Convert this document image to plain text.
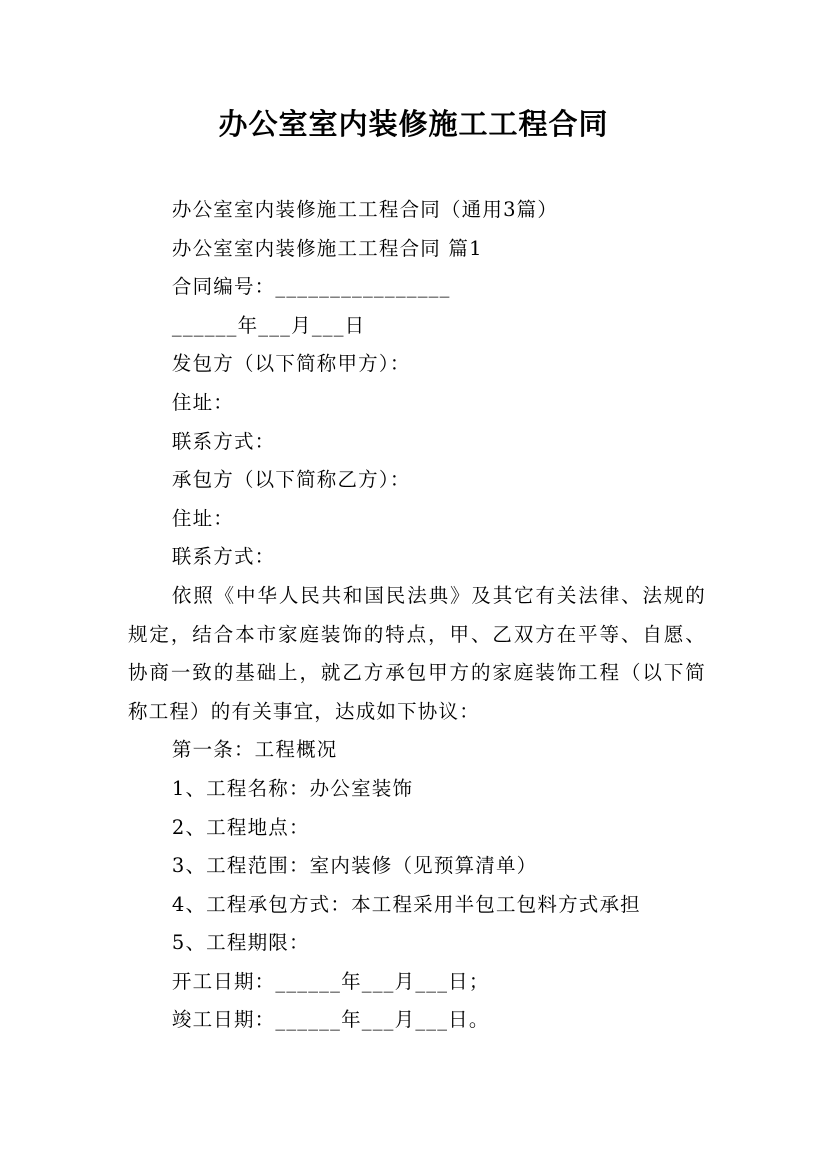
办公室室内装修施工工程合同

办公室室内装修施工工程合同（通用3篇）

办公室室内装修施工工程合同 篇1

合同编号：________________

______年___月___日

发包方（以下简称甲方）：

住址：

联系方式：

承包方（以下简称乙方）：

住址：

联系方式：

依照《中华人民共和国民法典》及其它有关法律、法规的规定，结合本市家庭装饰的特点，甲、乙双方在平等、自愿、协商一致的基础上，就乙方承包甲方的家庭装饰工程（以下简称工程）的有关事宜，达成如下协议：

第一条：工程概况

1、工程名称：办公室装饰

2、工程地点：

3、工程范围：室内装修（见预算清单）

4、工程承包方式：本工程采用半包工包料方式承担

5、工程期限：

开工日期：______年___月___日；

竣工日期：______年___月___日。
